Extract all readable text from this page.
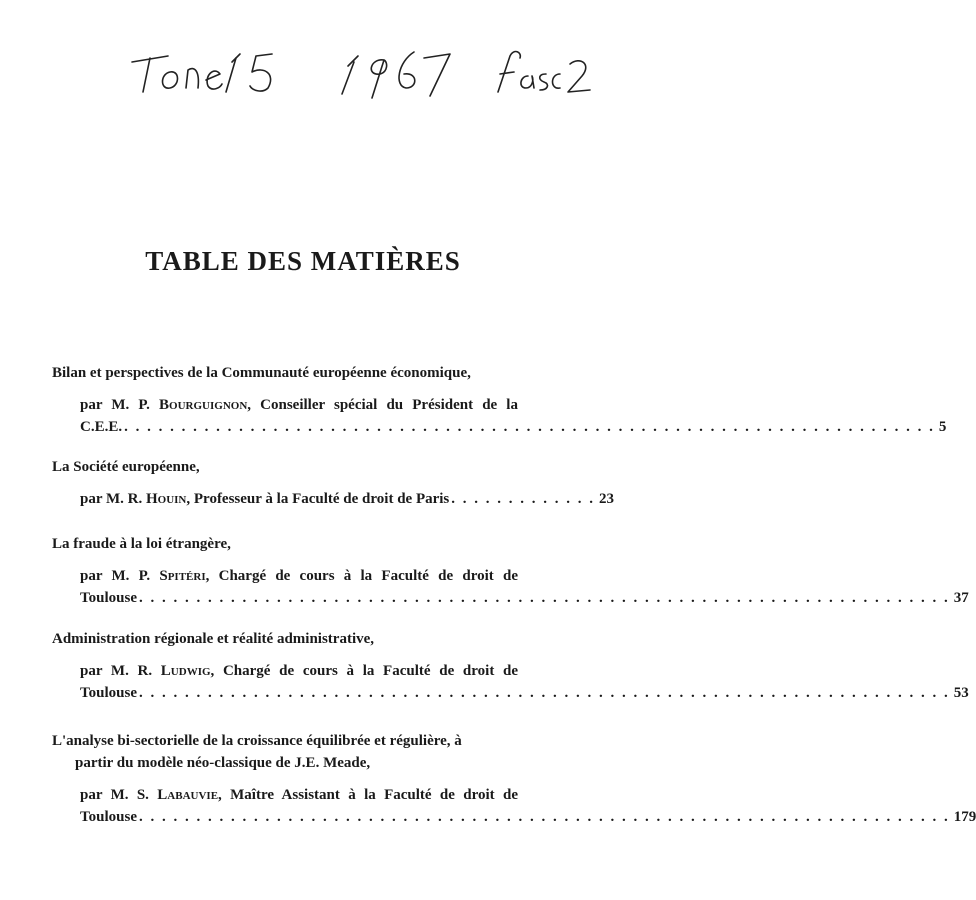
TABLE DES MATIÈRES
Bilan et perspectives de la Communauté européenne économique,
par M. P. Bourguignon, Conseiller spécial du Président de la
C.E.E. . . . . . . . . . . . . . . . . . . . . . . . . . . . . . . . . . . . . . . . . . . . . . . . . . . . . . . . . . . . . . . . . . . . . . . . 5
La Société européenne,
par M. R. Houin, Professeur à la Faculté de droit de Paris . . . . . . . . . . . . . 23
La fraude à la loi étrangère,
par M. P. Spitéri, Chargé de cours à la Faculté de droit de
Toulouse . . . . . . . . . . . . . . . . . . . . . . . . . . . . . . . . . . . . . . . . . . . . . . . . . . . . . . . . . . . . . . . . . . . . . . . 37
Administration régionale et réalité administrative,
par M. R. Ludwig, Chargé de cours à la Faculté de droit de
Toulouse . . . . . . . . . . . . . . . . . . . . . . . . . . . . . . . . . . . . . . . . . . . . . . . . . . . . . . . . . . . . . . . . . . . . . . . 53
L'analyse bi-sectorielle de la croissance équilibrée et régulière, à
partir du modèle néo-classique de J.E. Meade,
par M. S. Labauvie, Maître Assistant à la Faculté de droit de
Toulouse . . . . . . . . . . . . . . . . . . . . . . . . . . . . . . . . . . . . . . . . . . . . . . . . . . . . . . . . . . . . . . . . . . . . . . . 179
